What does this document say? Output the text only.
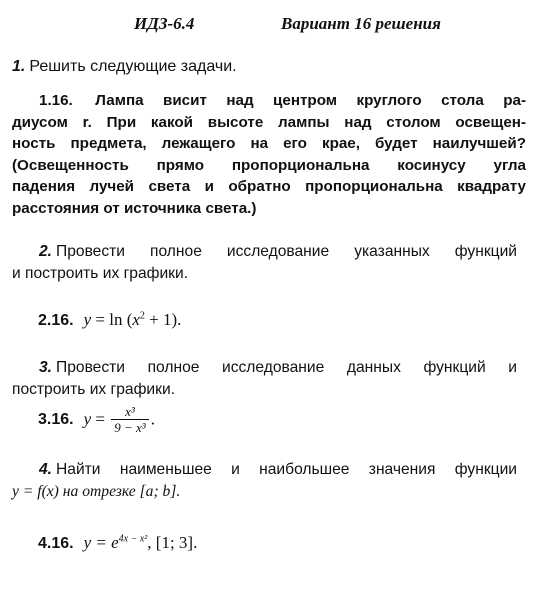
ИДЗ-6.4	Вариант 16 решения
1. Решить следующие задачи.
1.16. Лампа висит над центром круглого стола ра-
диусом r. При какой высоте лампы над столом освещен-
ность предмета, лежащего на его крае, будет наилучшей?
(Освещенность прямо пропорциональна косинусу угла
падения лучей света и обратно пропорциональна квадрату
расстояния от источника света.)
2. Провести полное исследование указанных функций
и построить их графики.
2.16. $y = \ln (x^2 + 1)$.
3. Провести полное исследование данных функций и
построить их графики.
3.16. $y = \frac{\text{x³}}{\text{9 − x³}}$ .
4. Найти наименьшее и наибольшее значения функции
y = f(x) на отрезке [a; b].
4.16. $y = e^{4x - x^2}$, [1; 3].
